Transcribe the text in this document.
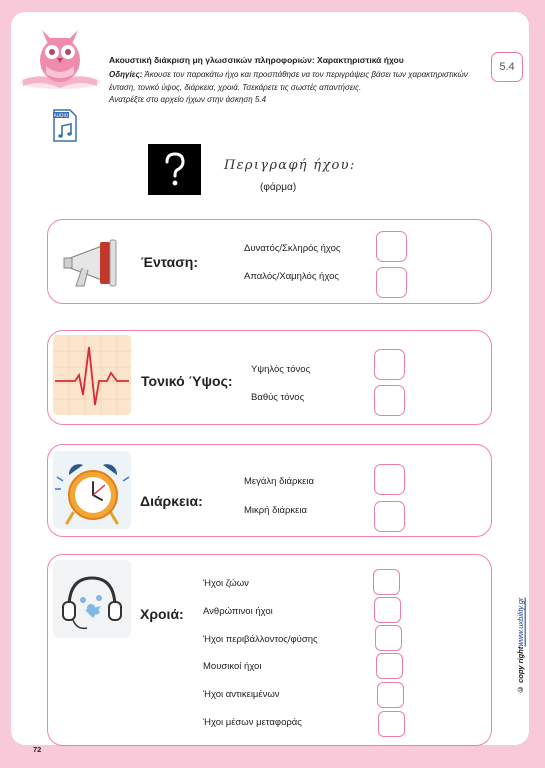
Ακουστική διάκριση μη γλωσσικών πληροφοριών: Χαρακτηριστικά ήχου
Οδηγίες: Άκουσε τον παρακάτω ήχο και προσπάθησε να τον περιγράψεις βάσει των χαρακτηριστικών
ένταση, τονικό ύψος, διάρκεια, χροιά. Τσεκάρετε τις σωστές απαντήσεις.
Ανατρέξτε στο αρχείο ήχων στην άσκηση 5.4
5.4
AUDIO
Περιγραφή ήχου:
(φάρμα)
Ένταση:
Δυνατός/Σκληρός ήχος
Απαλός/Χαμηλός ήχος
Τονικό Ύψος:
Υψηλός τόνος
Βαθύς τόνος
Διάρκεια:
Μεγάλη διάρκεια
Μικρή διάρκεια
Χροιά:
Ήχοι ζώων
Ανθρώπινοι ήχοι
Ήχοι περιβάλλοντος/φύσης
Μουσικοί ήχοι
Ήχοι αντικειμένων
Ήχοι μέσων μεταφοράς
© copy rightwww.uxbility.gr
72
